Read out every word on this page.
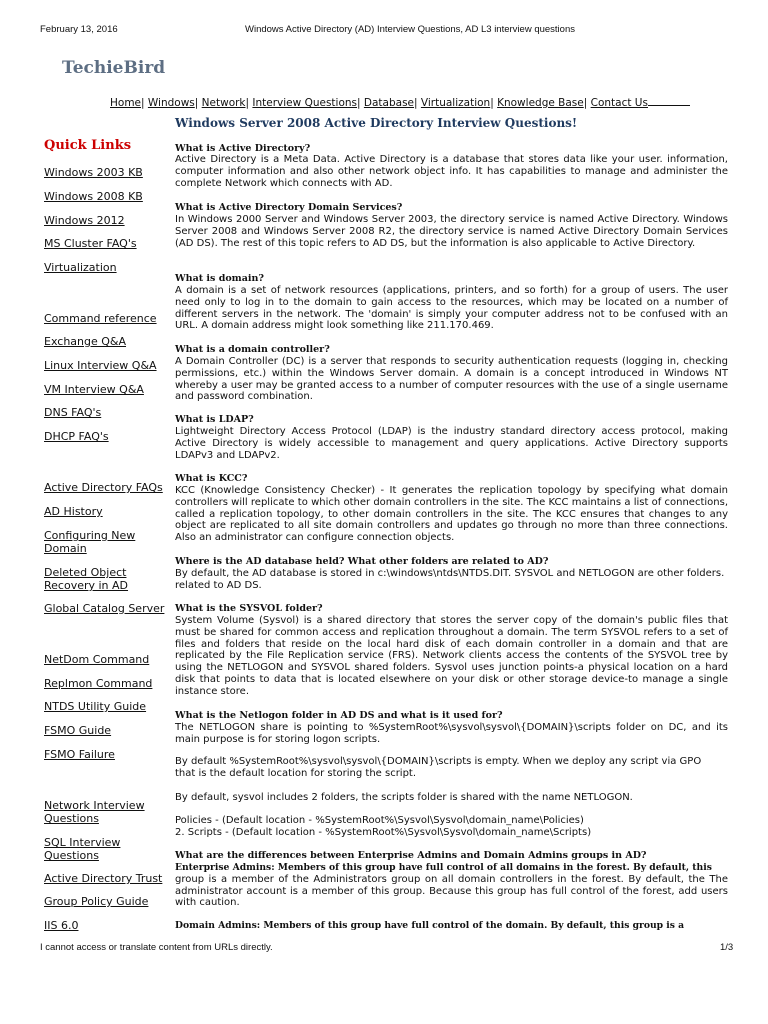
February 13, 2016	Windows Active Directory (AD) Interview Questions, AD L3 interview questions
TechieBird
Home| Windows| Network| Interview Questions| Database| Virtualization| Knowledge Base| Contact Us
Quick Links
Windows 2003 KB
Windows 2008 KB
Windows 2012
MS Cluster FAQ's
Virtualization
Command reference
Exchange Q&A
Linux Interview Q&A
VM Interview Q&A
DNS FAQ's
DHCP FAQ's
Active Directory FAQs
AD History
Configuring New Domain
Deleted Object Recovery in AD
Global Catalog Server
NetDom Command
Replmon Command
NTDS Utility Guide
FSMO Guide
FSMO Failure
Network Interview Questions
SQL Interview Questions
Active Directory Trust
Group Policy Guide
IIS 6.0
Windows Server 2008 Active Directory Interview Questions!
What is Active Directory?
Active Directory is a Meta Data. Active Directory is a database that stores data like your user. information, computer information and also other network object info. It has capabilities to manage and administer the complete Network which connects with AD.
What is Active Directory Domain Services?
In Windows 2000 Server and Windows Server 2003, the directory service is named Active Directory. Windows Server 2008 and Windows Server 2008 R2, the directory service is named Active Directory Domain Services (AD DS). The rest of this topic refers to AD DS, but the information is also applicable to Active Directory.
What is domain?
A domain is a set of network resources (applications, printers, and so forth) for a group of users. The user need only to log in to the domain to gain access to the resources, which may be located on a number of different servers in the network. The 'domain' is simply your computer address not to be confused with an URL. A domain address might look something like 211.170.469.
What is a domain controller?
A Domain Controller (DC) is a server that responds to security authentication requests (logging in, checking permissions, etc.) within the Windows Server domain. A domain is a concept introduced in Windows NT whereby a user may be granted access to a number of computer resources with the use of a single username and password combination.
What is LDAP?
Lightweight Directory Access Protocol (LDAP) is the industry standard directory access protocol, making Active Directory is widely accessible to management and query applications. Active Directory supports LDAPv3 and LDAPv2.
What is KCC?
KCC (Knowledge Consistency Checker) - It generates the replication topology by specifying what domain controllers will replicate to which other domain controllers in the site. The KCC maintains a list of connections, called a replication topology, to other domain controllers in the site. The KCC ensures that changes to any object are replicated to all site domain controllers and updates go through no more than three connections. Also an administrator can configure connection objects.
Where is the AD database held? What other folders are related to AD?
By default, the AD database is stored in c:\windows\ntds\NTDS.DIT. SYSVOL and NETLOGON are other folders. related to AD DS.
What is the SYSVOL folder?
System Volume (Sysvol) is a shared directory that stores the server copy of the domain's public files that must be shared for common access and replication throughout a domain. The term SYSVOL refers to a set of files and folders that reside on the local hard disk of each domain controller in a domain and that are replicated by the File Replication service (FRS). Network clients access the contents of the SYSVOL tree by using the NETLOGON and SYSVOL shared folders. Sysvol uses junction points-a physical location on a hard disk that points to data that is located elsewhere on your disk or other storage device-to manage a single instance store.
What is the Netlogon folder in AD DS and what is it used for?
The NETLOGON share is pointing to %SystemRoot%\sysvol\sysvol\{DOMAIN}\scripts folder on DC, and its main purpose is for storing logon scripts.
By default %SystemRoot%\sysvol\sysvol\{DOMAIN}\scripts is empty. When we deploy any script via GPO that is the default location for storing the script.
By default, sysvol includes 2 folders, the scripts folder is shared with the name NETLOGON.
Policies - (Default location - %SystemRoot%\Sysvol\Sysvol\domain_name\Policies)
2. Scripts - (Default location - %SystemRoot%\Sysvol\Sysvol\domain_name\Scripts)
What are the differences between Enterprise Admins and Domain Admins groups in AD?
Enterprise Admins: Members of this group have full control of all domains in the forest. By default, this
group is a member of the Administrators group on all domain controllers in the forest. By default, the The administrator account is a member of this group. Because this group has full control of the forest, add users with caution.
Domain Admins: Members of this group have full control of the domain. By default, this group is a
I cannot access or translate content from URLs directly.	1/3
